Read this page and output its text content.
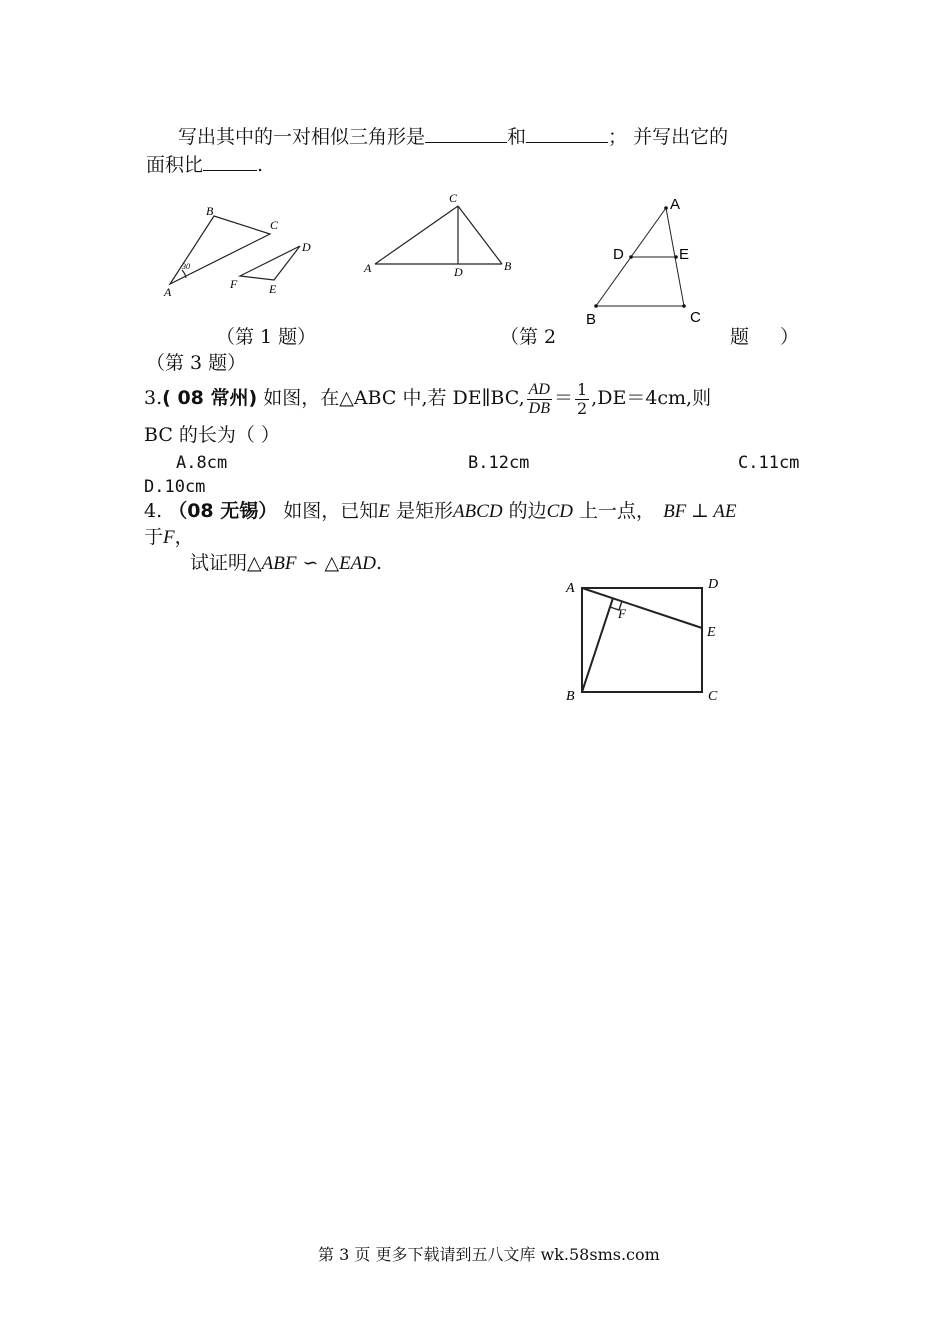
写出其中的一对相似三角形是	和	； 并写出它的
面积比	.
B
C
A
30
D
F	E
C
A	D	B
A
D	E
B	C
（第 1 题）	（第 2	题 ）
（第 3 题）
3.( 08 常州) 如图，在△ABC 中,若 DE∥BC, $\frac{AD}{DB} = \frac{1}{2} ,DE=4cm$,则
BC 的长为（ ）
A.8cm	B.12cm	C.11cm
D.10cm
4. （08 无锡） 如图，已知E 是矩形ABCD 的边CD 上一点， BF ⊥ AE
于F，
试证明△ABF ∽ △EAD.
A	D
F
E
B	C
第 3 页 更多下载请到五八文库 wk.58sms.com
